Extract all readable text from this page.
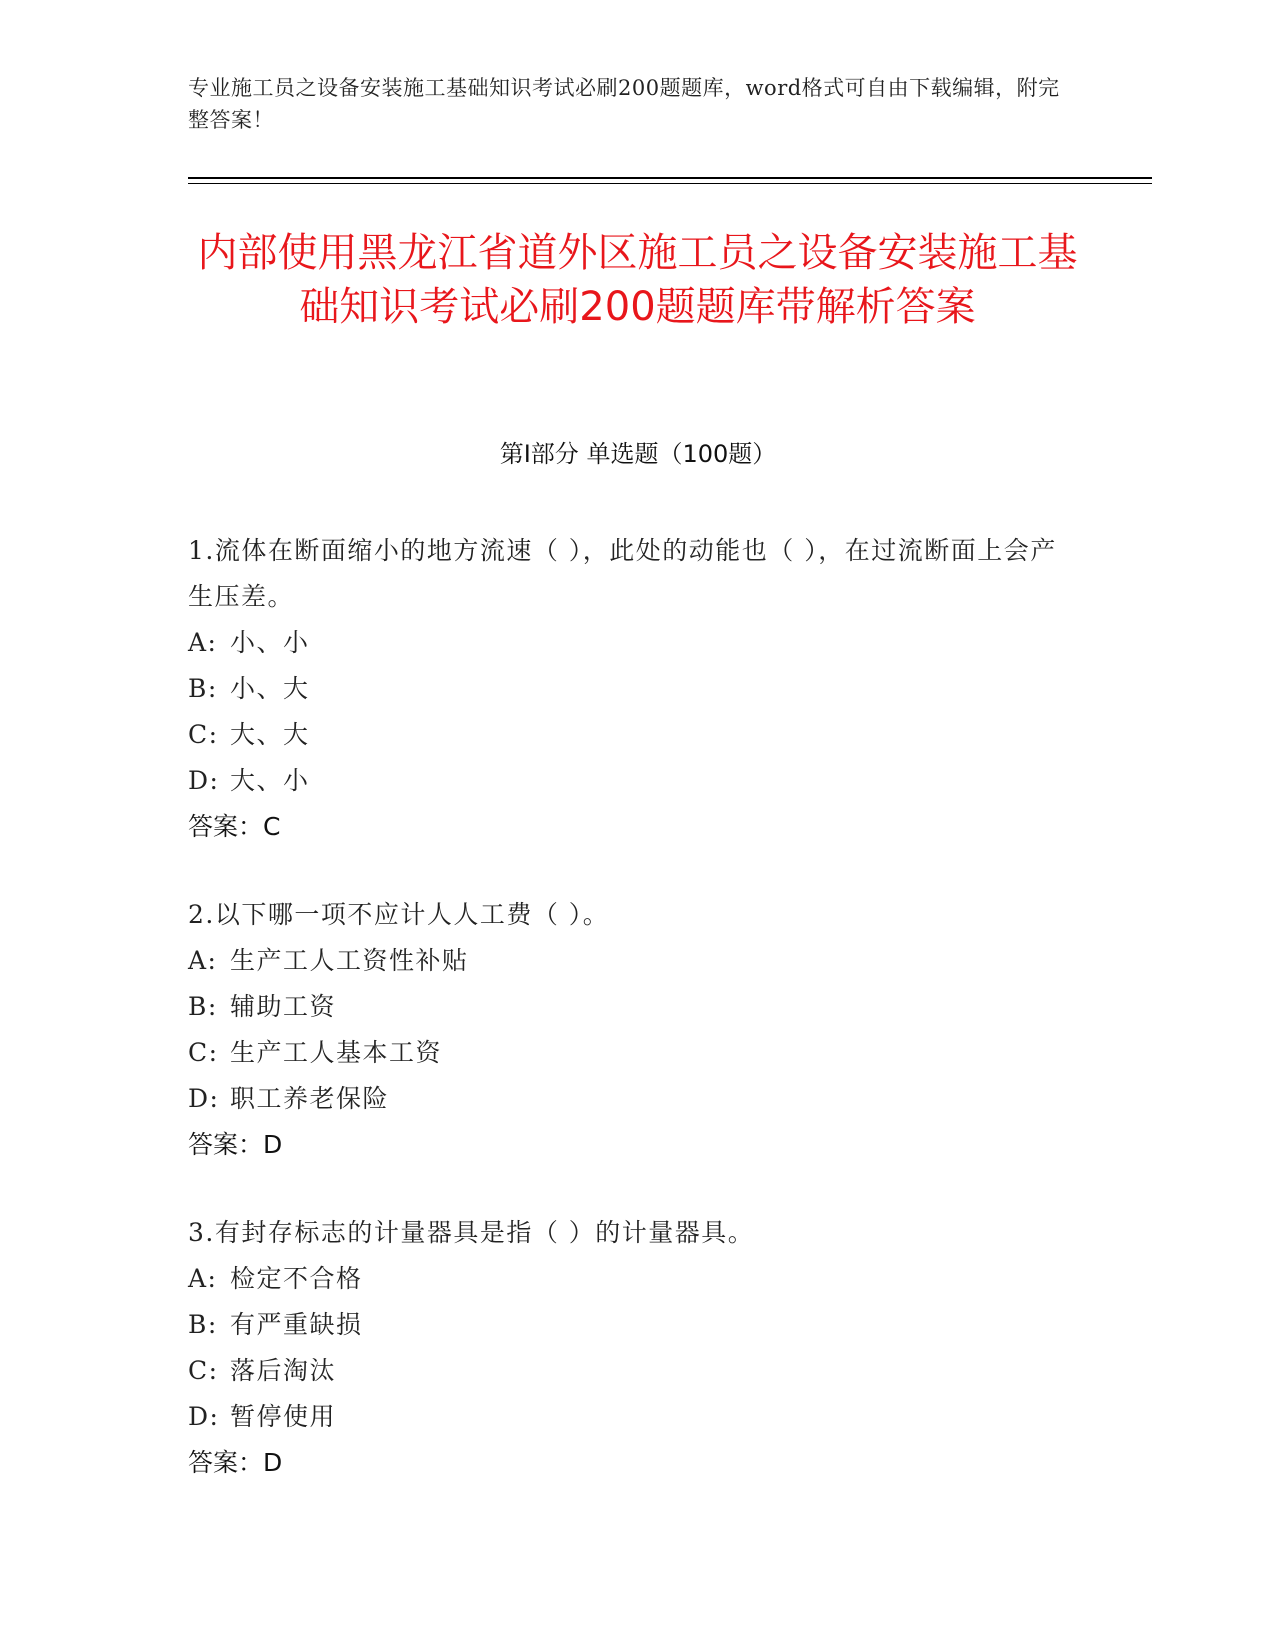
专业施工员之设备安装施工基础知识考试必刷200题题库，word格式可自由下载编辑，附完整答案！
内部使用黑龙江省道外区施工员之设备安装施工基础知识考试必刷200题题库带解析答案
第I部分 单选题（100题）
1.流体在断面缩小的地方流速（ ），此处的动能也（ ），在过流断面上会产生压差。
A: 小、小
B: 小、大
C: 大、大
D: 大、小
答案：C
2.以下哪一项不应计人人工费（ ）。
A: 生产工人工资性补贴
B: 辅助工资
C: 生产工人基本工资
D: 职工养老保险
答案：D
3.有封存标志的计量器具是指（ ）的计量器具。
A: 检定不合格
B: 有严重缺损
C: 落后淘汰
D: 暂停使用
答案：D
